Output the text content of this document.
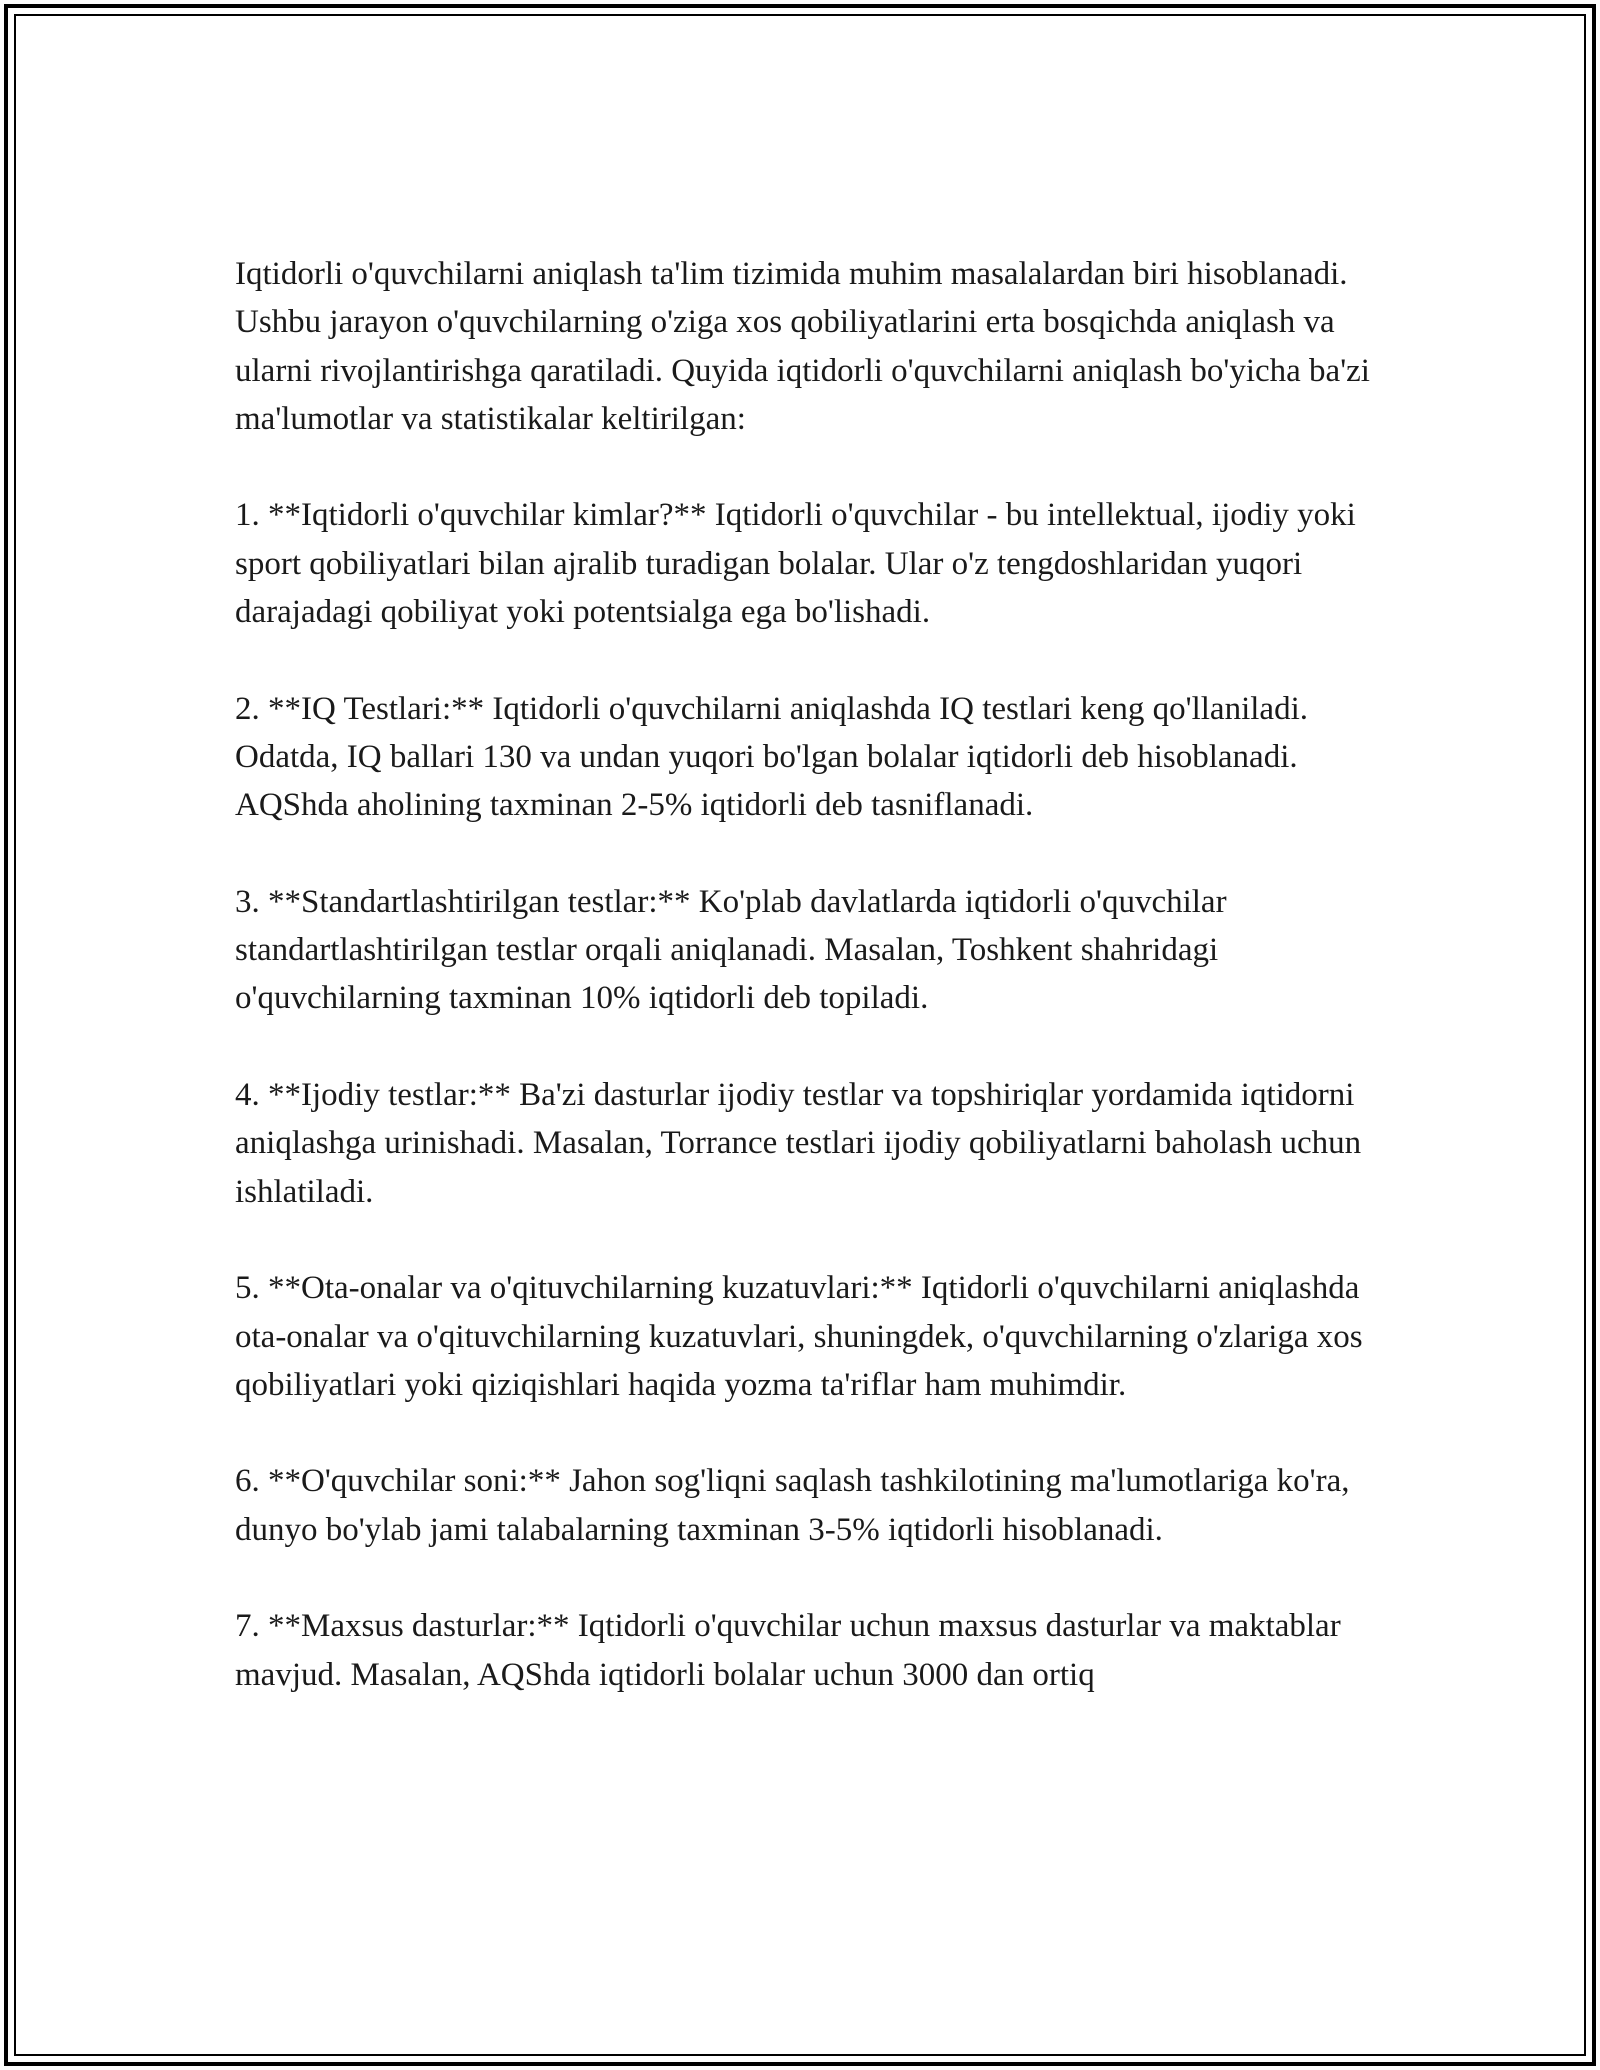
Iqtidorli o'quvchilarni aniqlash ta'lim tizimida muhim masalalardan biri hisoblanadi. Ushbu jarayon o'quvchilarning o'ziga xos qobiliyatlarini erta bosqichda aniqlash va ularni rivojlantirishga qaratiladi. Quyida iqtidorli o'quvchilarni aniqlash bo'yicha ba'zi ma'lumotlar va statistikalar keltirilgan:

1. **Iqtidorli o'quvchilar kimlar?** Iqtidorli o'quvchilar - bu intellektual, ijodiy yoki sport qobiliyatlari bilan ajralib turadigan bolalar. Ular o'z tengdoshlaridan yuqori darajadagi qobiliyat yoki potentsialga ega bo'lishadi.

2. **IQ Testlari:** Iqtidorli o'quvchilarni aniqlashda IQ testlari keng qo'llaniladi. Odatda, IQ ballari 130 va undan yuqori bo'lgan bolalar iqtidorli deb hisoblanadi. AQShda aholining taxminan 2-5% iqtidorli deb tasniflanadi.

3. **Standartlashtirilgan testlar:** Ko'plab davlatlarda iqtidorli o'quvchilar standartlashtirilgan testlar orqali aniqlanadi. Masalan, Toshkent shahridagi o'quvchilarning taxminan 10% iqtidorli deb topiladi.

4. **Ijodiy testlar:** Ba'zi dasturlar ijodiy testlar va topshiriqlar yordamida iqtidorni aniqlashga urinishadi. Masalan, Torrance testlari ijodiy qobiliyatlarni baholash uchun ishlatiladi.

5. **Ota-onalar va o'qituvchilarning kuzatuvlari:** Iqtidorli o'quvchilarni aniqlashda ota-onalar va o'qituvchilarning kuzatuvlari, shuningdek, o'quvchilarning o'zlariga xos qobiliyatlari yoki qiziqishlari haqida yozma ta'riflar ham muhimdir.

6. **O'quvchilar soni:** Jahon sog'liqni saqlash tashkilotining ma'lumotlariga ko'ra, dunyo bo'ylab jami talabalarning taxminan 3-5% iqtidorli hisoblanadi.

7. **Maxsus dasturlar:** Iqtidorli o'quvchilar uchun maxsus dasturlar va maktablar mavjud. Masalan, AQShda iqtidorli bolalar uchun 3000 dan ortiq
